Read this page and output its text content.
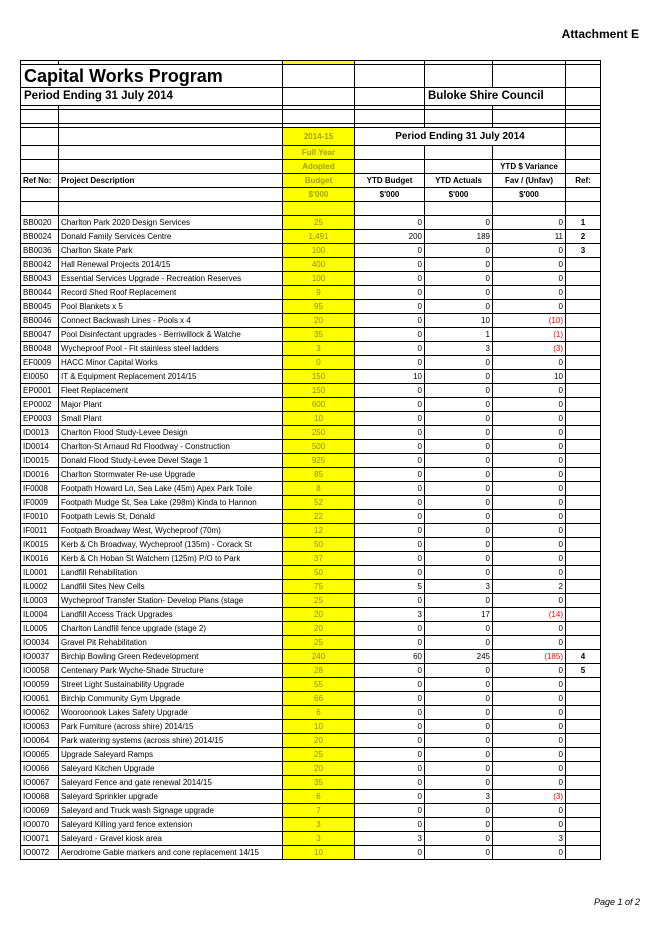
Attachment E

Capital Works Program						
Period Ending 31 July 2014				Buloke Shire Council		

		2014-15	Period Ending 31 July 2014			
		Full Year				
		Adopted			YTD $ Variance	
Ref No:	Project Description	Budget	YTD Budget	YTD Actuals	Fav / (Unfav)	Ref:
		$'000	$'000	$'000	$'000	

BB0020	Charlton Park 2020 Design Services	25	0	0	0	1
BB0024	Donald Family Services Centre	1,491	200	189	11	2
BB0036	Charlton Skate Park	100	0	0	0	3
BB0042	Hall Renewal Projects 2014/15	400	0	0	0	
BB0043	Essential Services Upgrade - Recreation Reserves	100	0	0	0	
BB0044	Record Shed Roof Replacement	9	0	0	0	
BB0045	Pool Blankets x 5	95	0	0	0	
BB0046	Connect Backwash Lines - Pools x 4	20	0	10	(10)	
BB0047	Pool Disinfectant upgrades - Berriwillock & Watche	35	0	1	(1)	
BB0048	Wycheproof Pool - Fit stainless steel ladders	3	0	3	(3)	
EF0009	HACC Minor Capital Works	0	0	0	0	
EI0050	IT & Equipment Replacement 2014/15	150	10	0	10	
EP0001	Fleet Replacement	150	0	0	0	
EP0002	Major Plant	600	0	0	0	
EP0003	Small Plant	10	0	0	0	
ID0013	Charlton Flood Study-Levee Design	250	0	0	0	
ID0014	Charlton-St Arnaud Rd Floodway - Construction	500	0	0	0	
ID0015	Donald Flood Study-Levee Devel Stage 1	925	0	0	0	
ID0016	Charlton Stormwater Re-use Upgrade	85	0	0	0	
IF0008	Footpath Howard Ln, Sea Lake (45m) Apex Park Toile	8	0	0	0	
IF0009	Footpath Mudge St, Sea Lake (298m) Kinda to Hannon	52	0	0	0	
IF0010	Footpath Lewis St, Donald	22	0	0	0	
IF0011	Footpath Broadway West, Wycheproof (70m)	12	0	0	0	
IK0015	Kerb & Ch Broadway, Wycheproof (135m) - Corack St	50	0	0	0	
IK0016	Kerb & Ch Hoban St Watchem (125m) P/O to Park	37	0	0	0	
IL0001	Landfill Rehabilitation	50	0	0	0	
IL0002	Landfill Sites New Cells	75	5	3	2	
IL0003	Wycheproof Transfer Station- Develop Plans (stage	25	0	0	0	
IL0004	Landfill Access Track Upgrades	20	3	17	(14)	
IL0005	Charlton Landfill fence upgrade (stage 2)	20	0	0	0	
IO0034	Gravel Pit Rehabilitation	25	0	0	0	
IO0037	Birchip Bowling Green Redevelopment	240	60	245	(185)	4
IO0058	Centenary Park Wyche-Shade Structure	28	0	0	0	5
IO0059	Street Light Sustainability Upgrade	55	0	0	0	
IO0061	Birchip Community Gym Upgrade	66	0	0	0	
IO0062	Wooroonook Lakes Safety Upgrade	6	0	0	0	
IO0063	Park Furniture (across shire) 2014/15	10	0	0	0	
IO0064	Park watering systems (across shire) 2014/15	20	0	0	0	
IO0065	Upgrade Saleyard Ramps	25	0	0	0	
IO0066	Saleyard Kitchen Upgrade	20	0	0	0	
IO0067	Saleyard Fence and gate renewal 2014/15	35	0	0	0	
IO0068	Saleyard Sprinkler upgrade	6	0	3	(3)	
IO0069	Saleyard and Truck wash Signage upgrade	7	0	0	0	
IO0070	Saleyard Killing yard fence extension	3	0	0	0	
IO0071	Saleyard - Gravel kiosk area	3	3	0	3	
IO0072	Aerodrome Gable markers and cone replacement 14/15	10	0	0	0	
Page 1 of 2
